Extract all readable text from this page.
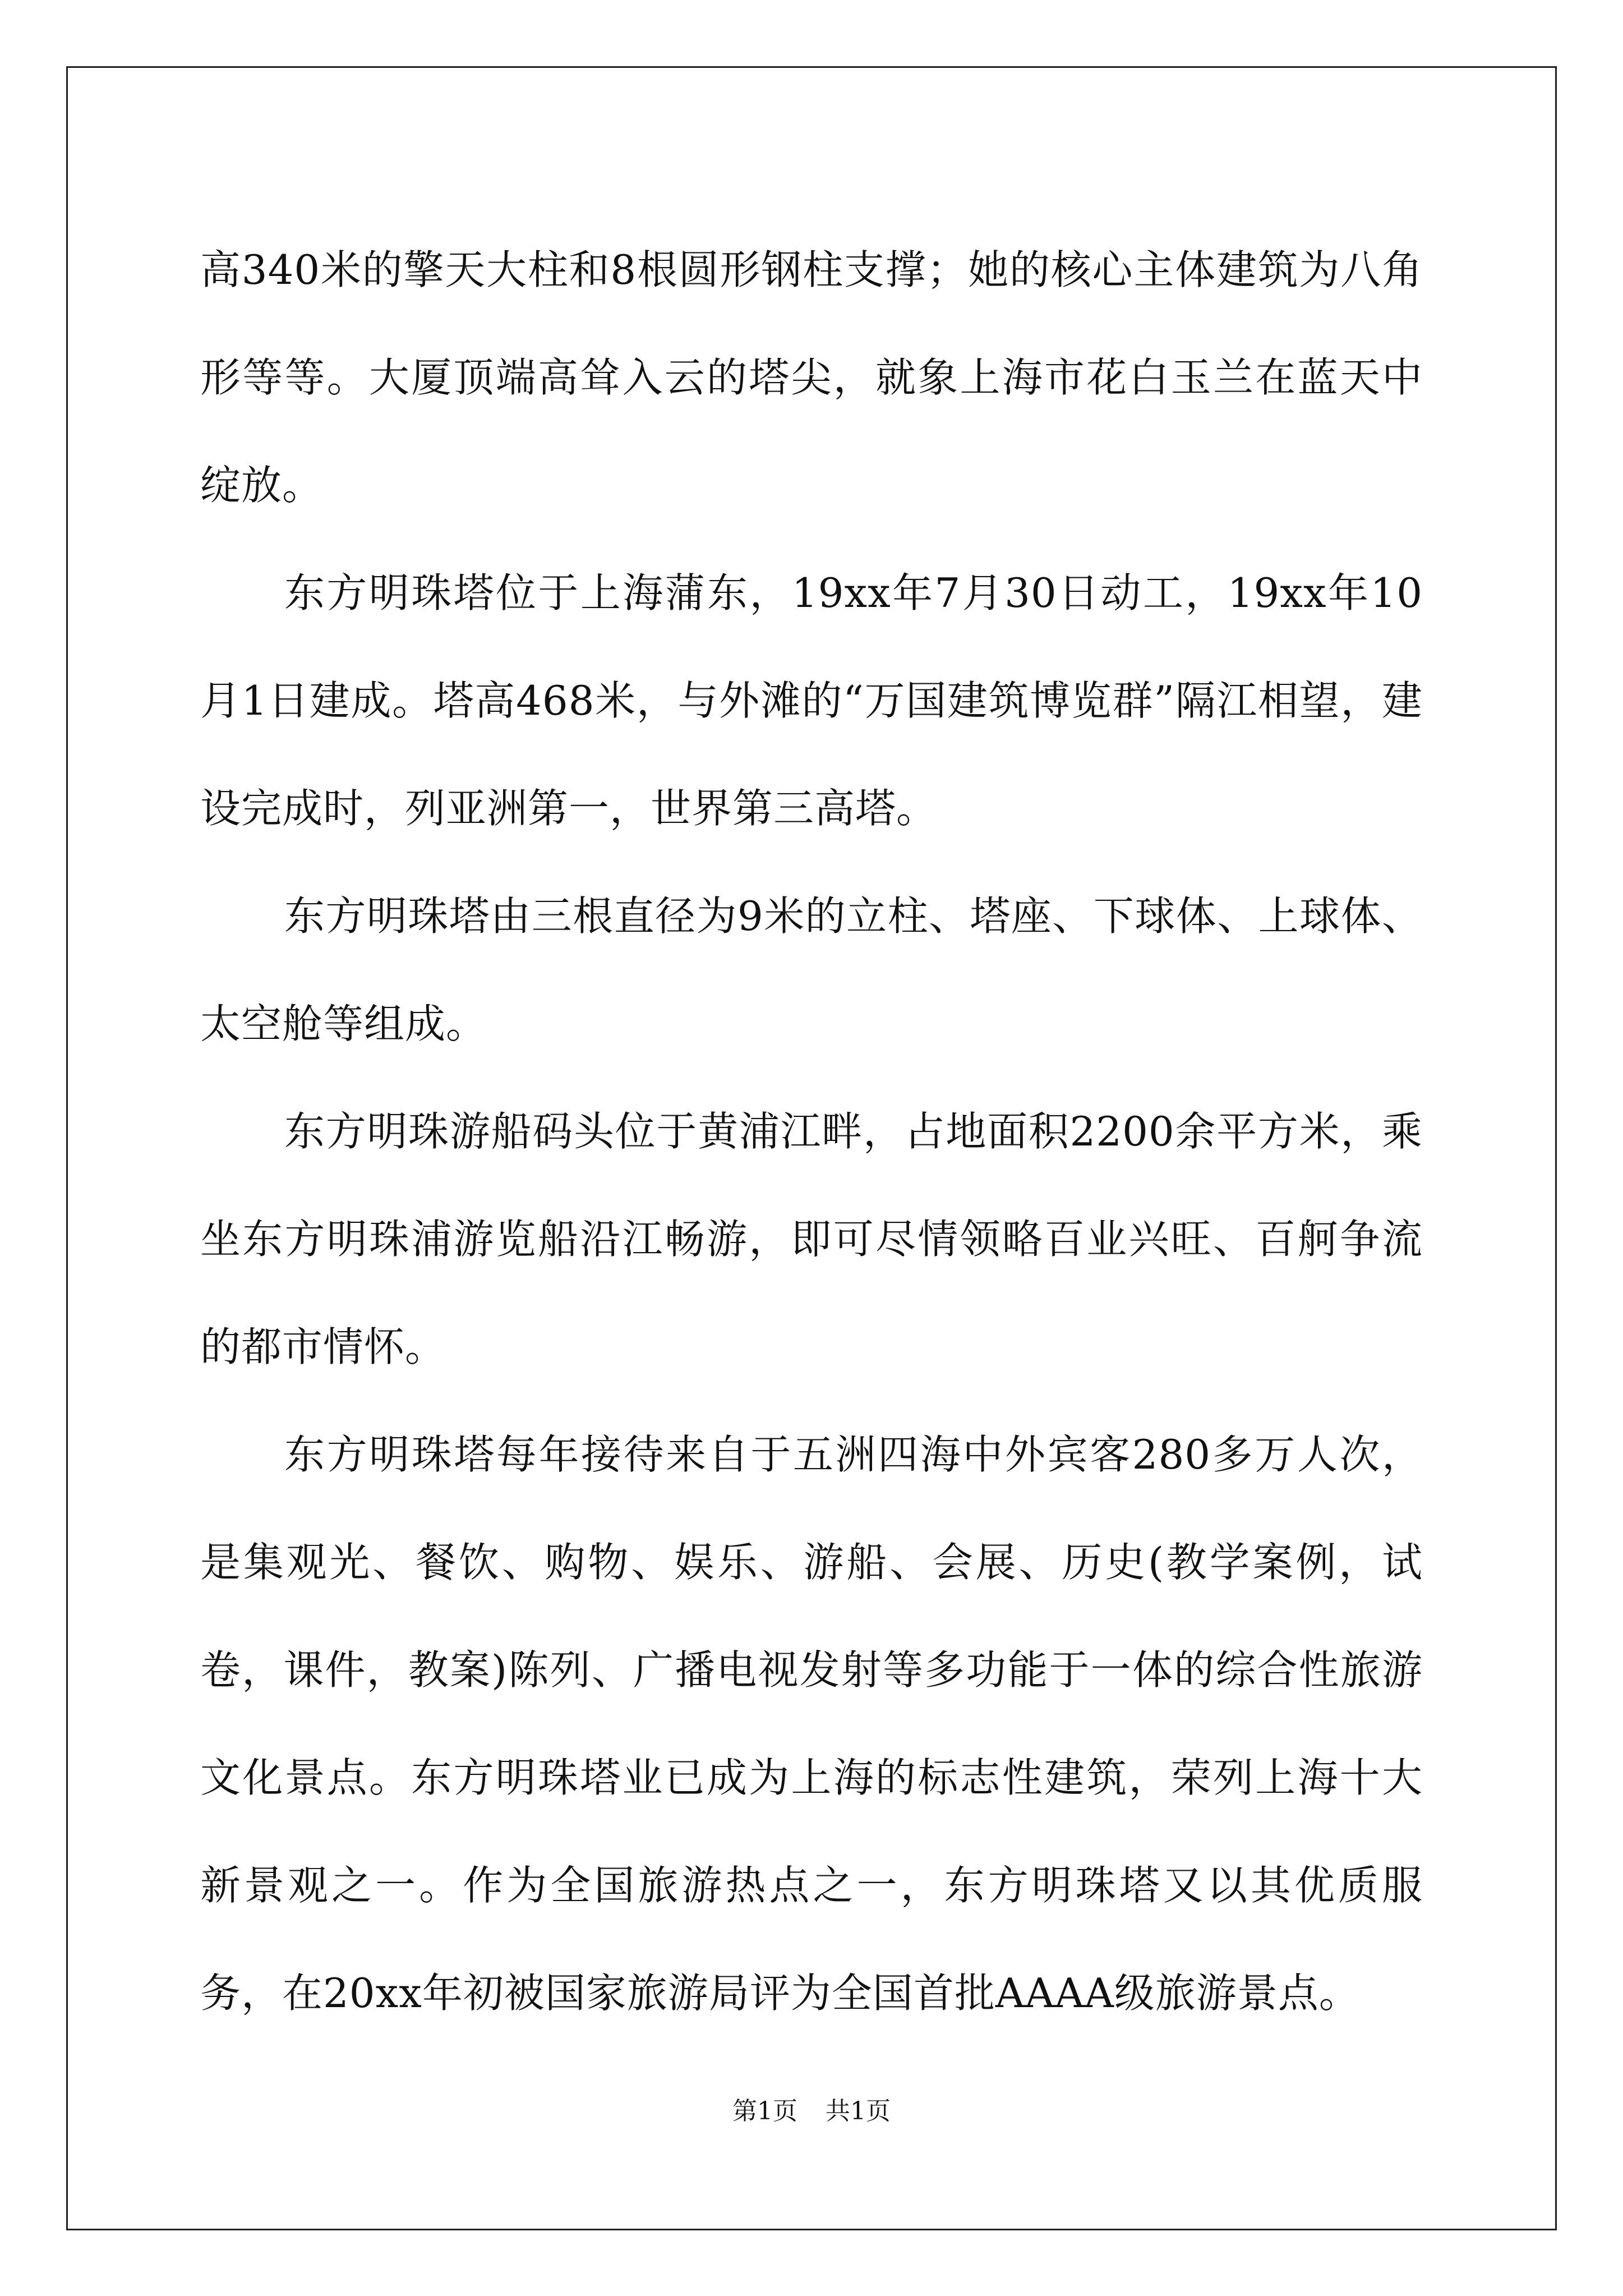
高340米的擎天大柱和8根圆形钢柱支撑；她的核心主体建筑为八角形等等。大厦顶端高耸入云的塔尖，就象上海市花白玉兰在蓝天中绽放。

东方明珠塔位于上海蒲东，19xx年7月30日动工，19xx年10月1日建成。塔高468米，与外滩的“万国建筑博览群”隔江相望，建设完成时，列亚洲第一，世界第三高塔。

东方明珠塔由三根直径为9米的立柱、塔座、下球体、上球体、太空舱等组成。

东方明珠游船码头位于黄浦江畔，占地面积2200余平方米，乘坐东方明珠浦游览船沿江畅游，即可尽情领略百业兴旺、百舸争流的都市情怀。

东方明珠塔每年接待来自于五洲四海中外宾客280多万人次，是集观光、餐饮、购物、娱乐、游船、会展、历史(教学案例，试卷，课件，教案)陈列、广播电视发射等多功能于一体的综合性旅游文化景点。东方明珠塔业已成为上海的标志性建筑，荣列上海十大新景观之一。作为全国旅游热点之一，东方明珠塔又以其优质服务，在20xx年初被国家旅游局评为全国首批AAAA级旅游景点。

第1页 共1页
